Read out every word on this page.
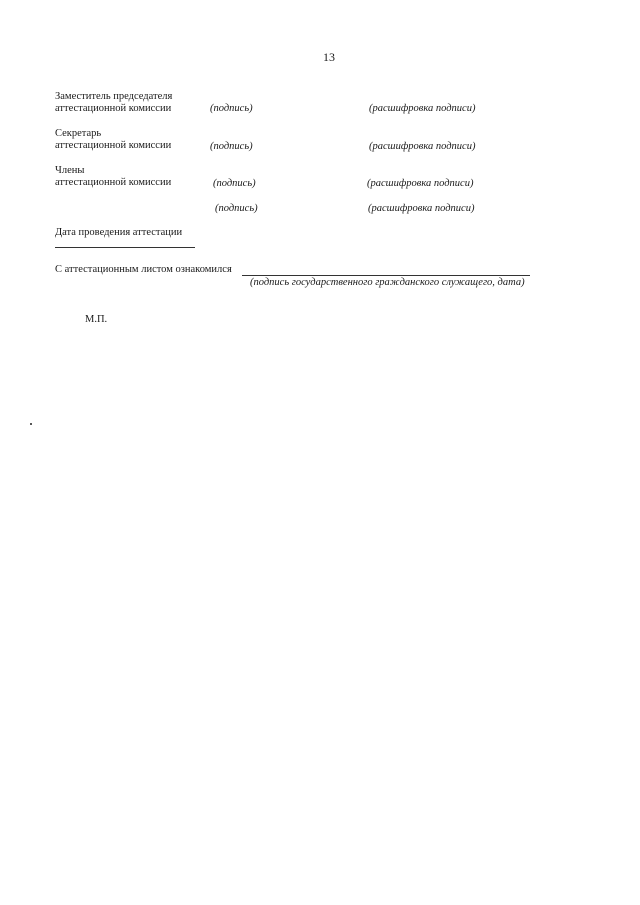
13
Заместитель председателя
аттестационной комиссии	(подпись)	(расшифровка подписи)
Секретарь
аттестационной комиссии	(подпись)	(расшифровка подписи)
Члены
аттестационной комиссии	(подпись)	(расшифровка подписи)
(подпись)	(расшифровка подписи)
Дата проведения аттестации
С аттестационным листом ознакомился
(подпись государственного гражданского служащего, дата)
М.П.
